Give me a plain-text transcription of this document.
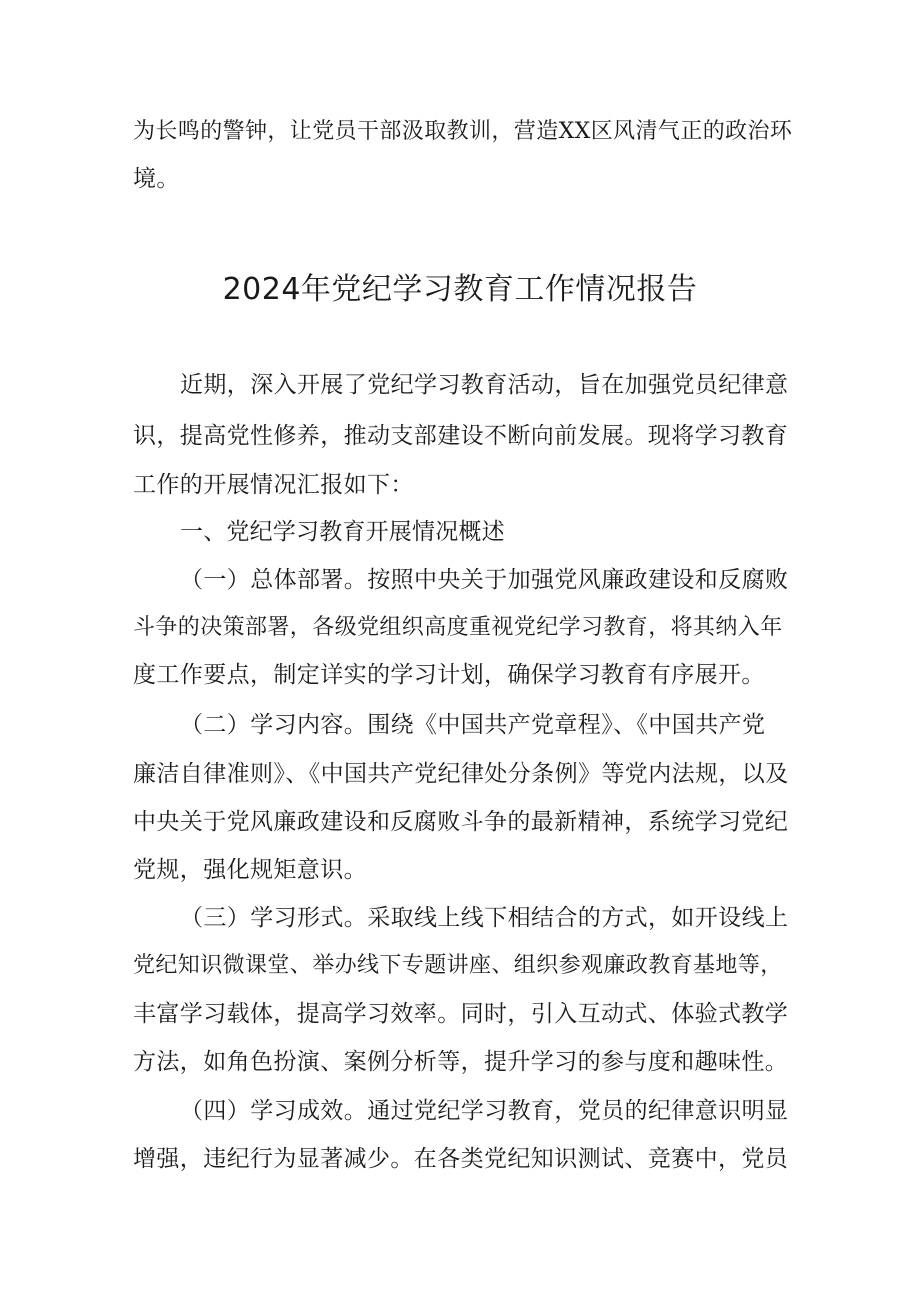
为长鸣的警钟，让党员干部汲取教训，营造XX区风清气正的政治环
境。
2024年党纪学习教育工作情况报告
近期，深入开展了党纪学习教育活动，旨在加强党员纪律意
识，提高党性修养，推动支部建设不断向前发展。现将学习教育
工作的开展情况汇报如下：
一、党纪学习教育开展情况概述
（一）总体部署。按照中央关于加强党风廉政建设和反腐败
斗争的决策部署，各级党组织高度重视党纪学习教育，将其纳入年
度工作要点，制定详实的学习计划，确保学习教育有序展开。
（二）学习内容。围绕《中国共产党章程》、《中国共产党
廉洁自律准则》、《中国共产党纪律处分条例》等党内法规，以及
中央关于党风廉政建设和反腐败斗争的最新精神，系统学习党纪
党规，强化规矩意识。
（三）学习形式。采取线上线下相结合的方式，如开设线上
党纪知识微课堂、举办线下专题讲座、组织参观廉政教育基地等，
丰富学习载体，提高学习效率。同时，引入互动式、体验式教学
方法，如角色扮演、案例分析等，提升学习的参与度和趣味性。
（四）学习成效。通过党纪学习教育，党员的纪律意识明显
增强，违纪行为显著减少。在各类党纪知识测试、竞赛中，党员
